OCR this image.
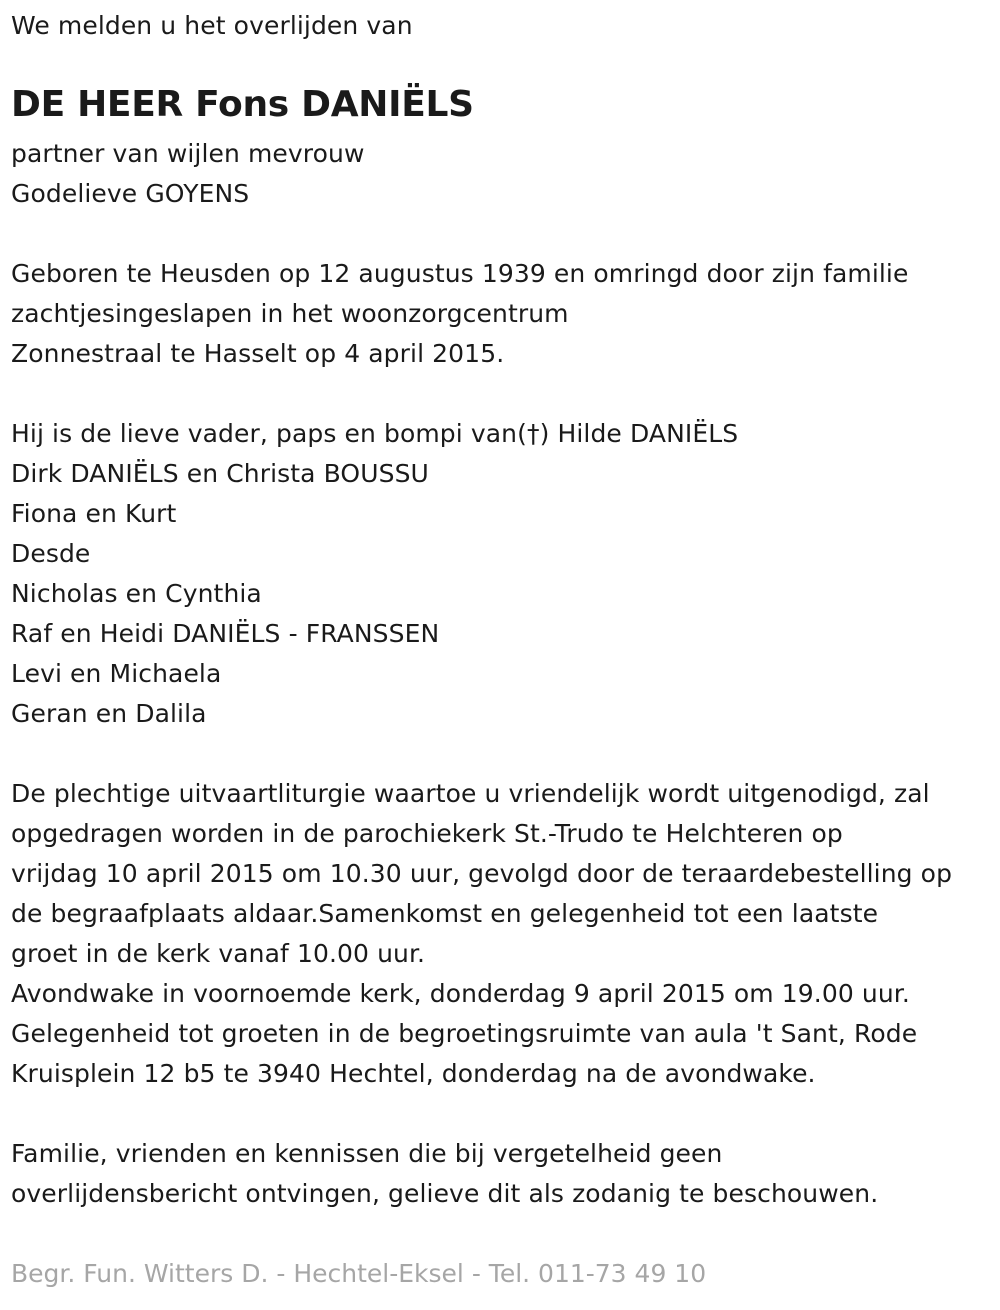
We melden u het overlijden van
DE HEER Fons DANIËLS
partner van wijlen mevrouw
Godelieve GOYENS
Geboren te Heusden op 12 augustus 1939 en omringd door zijn familie
zachtjesingeslapen in het woonzorgcentrum
Zonnestraal te Hasselt op 4 april 2015.
Hij is de lieve vader, paps en bompi van(†) Hilde DANIËLS
Dirk DANIËLS en Christa BOUSSU
Fiona en Kurt
Desde
Nicholas en Cynthia
Raf en Heidi DANIËLS - FRANSSEN
Levi en Michaela
Geran en Dalila
De plechtige uitvaartliturgie waartoe u vriendelijk wordt uitgenodigd, zal
opgedragen worden in de parochiekerk St.-Trudo te Helchteren op
vrijdag 10 april 2015 om 10.30 uur, gevolgd door de teraardebestelling op
de begraafplaats aldaar.Samenkomst en gelegenheid tot een laatste
groet in de kerk vanaf 10.00 uur.
Avondwake in voornoemde kerk, donderdag 9 april 2015 om 19.00 uur.
Gelegenheid tot groeten in de begroetingsruimte van aula 't Sant, Rode
Kruisplein 12 b5 te 3940 Hechtel, donderdag na de avondwake.
Familie, vrienden en kennissen die bij vergetelheid geen
overlijdensbericht ontvingen, gelieve dit als zodanig te beschouwen.
Begr. Fun. Witters D. - Hechtel-Eksel - Tel. 011-73 49 10
